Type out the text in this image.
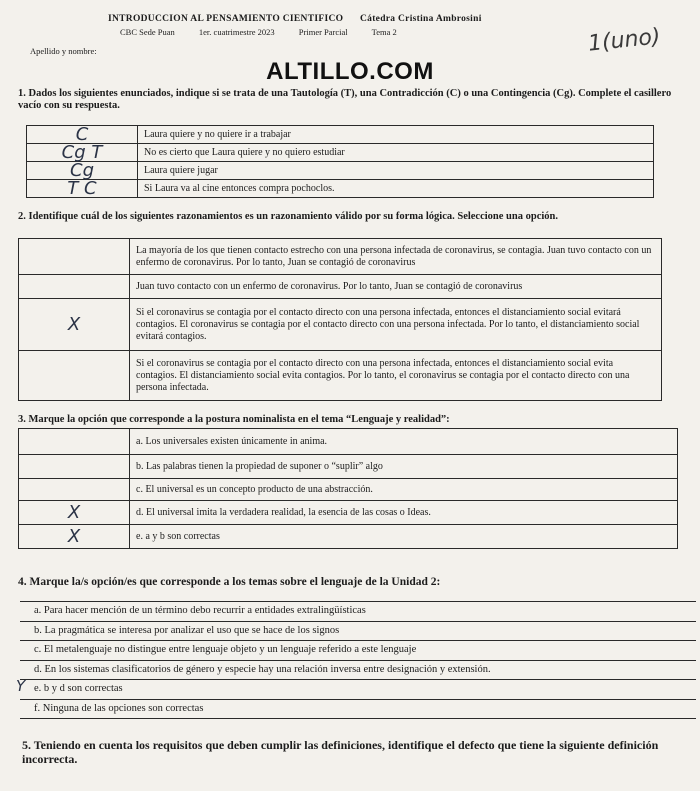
INTRODUCCION AL PENSAMIENTO CIENTIFICO Cátedra Cristina Ambrosini
CBC Sede Puan	1er. cuatrimestre 2023	Primer Parcial	Tema 2
Apellido y nombre:	1(uno)
ALTILLO.COM
1. Dados los siguientes enunciados, indique si se trata de una Tautología (T), una Contradicción (C) o una Contingencia (Cg). Complete el casillero vacío con su respuesta.
C	Laura quiere y no quiere ir a trabajar
Cg T	No es cierto que Laura quiere y no quiero estudiar
Cg	Laura quiere jugar
T C	Si Laura va al cine entonces compra pochoclos.
2. Identifique cuál de los siguientes razonamientos es un razonamiento válido por su forma lógica. Seleccione una opción.
	La mayoría de los que tienen contacto estrecho con una persona infectada de coronavirus, se contagia. Juan tuvo contacto con un enfermo de coronavirus. Por lo tanto, Juan se contagió de coronavirus
	Juan tuvo contacto con un enfermo de coronavirus. Por lo tanto, Juan se contagió de coronavirus
X	Si el coronavirus se contagia por el contacto directo con una persona infectada, entonces el distanciamiento social evitará contagios. El coronavirus se contagia por el contacto directo con una persona infectada. Por lo tanto, el distanciamiento social evitará contagios.
	Si el coronavirus se contagia por el contacto directo con una persona infectada, entonces el distanciamiento social evita contagios. El distanciamiento social evita contagios. Por lo tanto, el coronavirus se contagia por el contacto directo con una persona infectada.
3. Marque la opción que corresponde a la postura nominalista en el tema “Lenguaje y realidad”:
	a. Los universales existen únicamente in anima.
	b. Las palabras tienen la propiedad de suponer o “suplir” algo
	c. El universal es un concepto producto de una abstracción.
X	d. El universal imita la verdadera realidad, la esencia de las cosas o Ideas.
X	e. a y b son correctas
4. Marque la/s opción/es que corresponde a los temas sobre el lenguaje de la Unidad 2:
a. Para hacer mención de un término debo recurrir a entidades extralingüísticas
b. La pragmática se interesa por analizar el uso que se hace de los signos
c. El metalenguaje no distingue entre lenguaje objeto y un lenguaje referido a este lenguaje
d. En los sistemas clasificatorios de género y especie hay una relación inversa entre designación y extensión.
Y e. b y d son correctas
f. Ninguna de las opciones son correctas
5. Teniendo en cuenta los requisitos que deben cumplir las definiciones, identifique el defecto que tiene la siguiente definición incorrecta.
